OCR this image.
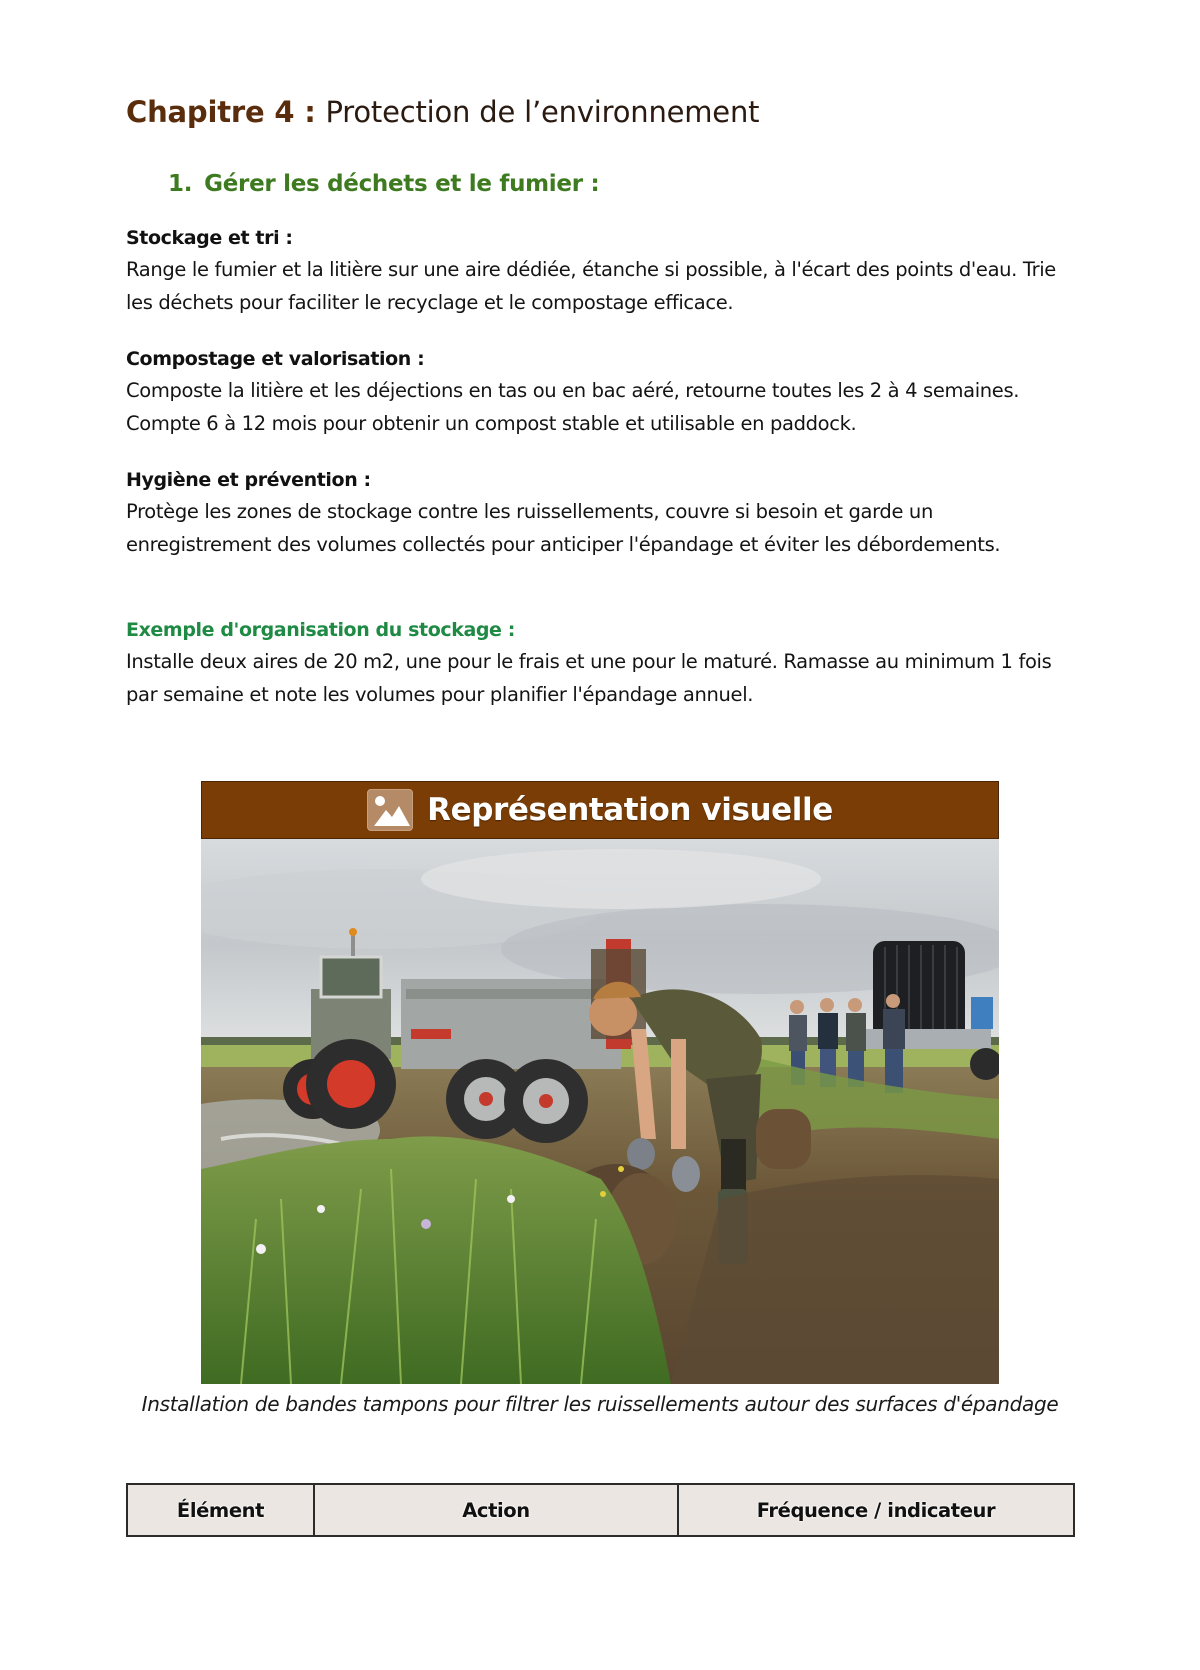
Chapitre 4 : Protection de l’environnement
1. Gérer les déchets et le fumier :
Stockage et tri :

Range le fumier et la litière sur une aire dédiée, étanche si possible, à l'écart des points d'eau. Trie les déchets pour faciliter le recyclage et le compostage efficace.

Compostage et valorisation :

Composte la litière et les déjections en tas ou en bac aéré, retourne toutes les 2 à 4 semaines. Compte 6 à 12 mois pour obtenir un compost stable et utilisable en paddock.

Hygiène et prévention :

Protège les zones de stockage contre les ruissellements, couvre si besoin et garde un enregistrement des volumes collectés pour anticiper l'épandage et éviter les débordements.

Exemple d'organisation du stockage :

Installe deux aires de 20 m2, une pour le frais et une pour le maturé. Ramasse au minimum 1 fois par semaine et note les volumes pour planifier l'épandage annuel.

Représentation visuelle

Installation de bandes tampons pour filtrer les ruissellements autour des surfaces d'épandage

Élément	Action	Fréquence / indicateur
